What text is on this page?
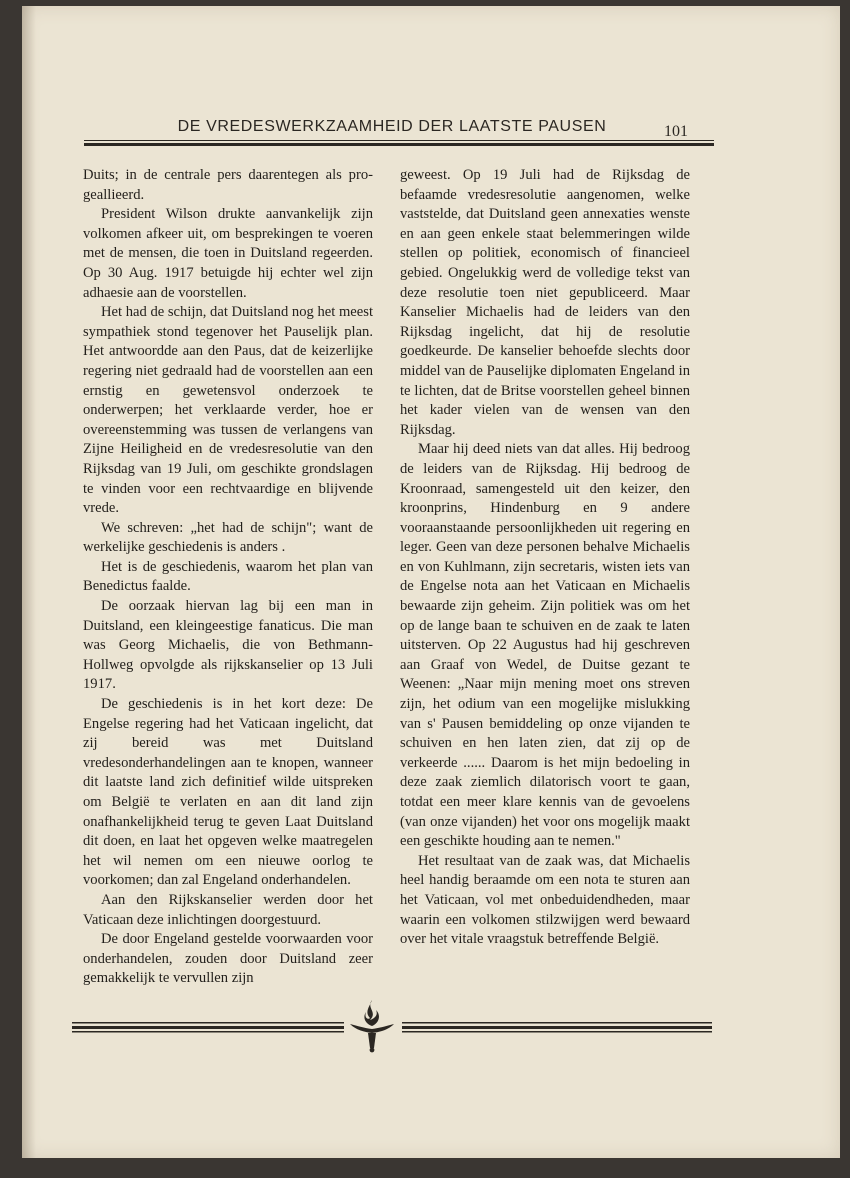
DE VREDESWERKZAAMHEID DER LAATSTE PAUSEN	101

Duits; in de centrale pers daarentegen als pro-geallieerd.

President Wilson drukte aanvankelijk zijn volkomen afkeer uit, om besprekingen te voeren met de mensen, die toen in Duitsland regeerden. Op 30 Aug. 1917 betuigde hij echter wel zijn adhaesie aan de voorstellen.

Het had de schijn, dat Duitsland nog het meest sympathiek stond tegenover het Pauselijk plan. Het antwoordde aan den Paus, dat de keizerlijke regering niet gedraald had de voorstellen aan een ernstig en gewetensvol onderzoek te onderwerpen; het verklaarde verder, hoe er overeenstemming was tussen de verlangens van Zijne Heiligheid en de vredesresolutie van den Rijksdag van 19 Juli, om geschikte grondslagen te vinden voor een rechtvaardige en blijvende vrede.

We schreven: „het had de schijn"; want de werkelijke geschiedenis is anders .

Het is de geschiedenis, waarom het plan van Benedictus faalde.

De oorzaak hiervan lag bij een man in Duitsland, een kleingeestige fanaticus. Die man was Georg Michaelis, die von Bethmann-Hollweg opvolgde als rijkskanselier op 13 Juli 1917.

De geschiedenis is in het kort deze: De Engelse regering had het Vaticaan ingelicht, dat zij bereid was met Duitsland vredesonderhandelingen aan te knopen, wanneer dit laatste land zich definitief wilde uitspreken om België te verlaten en aan dit land zijn onafhankelijkheid terug te geven Laat Duitsland dit doen, en laat het opgeven welke maatregelen het wil nemen om een nieuwe oorlog te voorkomen; dan zal Engeland onderhandelen.

Aan den Rijkskanselier werden door het Vaticaan deze inlichtingen doorgestuurd.

De door Engeland gestelde voorwaarden voor onderhandelen, zouden door Duitsland zeer gemakkelijk te vervullen zijn

geweest. Op 19 Juli had de Rijksdag de befaamde vredesresolutie aangenomen, welke vaststelde, dat Duitsland geen annexaties wenste en aan geen enkele staat belemmeringen wilde stellen op politiek, economisch of financieel gebied. Ongelukkig werd de volledige tekst van deze resolutie toen niet gepubliceerd. Maar Kanselier Michaelis had de leiders van den Rijksdag ingelicht, dat hij de resolutie goedkeurde. De kanselier behoefde slechts door middel van de Pauselijke diplomaten Engeland in te lichten, dat de Britse voorstellen geheel binnen het kader vielen van de wensen van den Rijksdag.

Maar hij deed niets van dat alles. Hij bedroog de leiders van de Rijksdag. Hij bedroog de Kroonraad, samengesteld uit den keizer, den kroonprins, Hindenburg en 9 andere vooraanstaande persoonlijkheden uit regering en leger. Geen van deze personen behalve Michaelis en von Kuhlmann, zijn secretaris, wisten iets van de Engelse nota aan het Vaticaan en Michaelis bewaarde zijn geheim. Zijn politiek was om het op de lange baan te schuiven en de zaak te laten uitsterven. Op 22 Augustus had hij geschreven aan Graaf von Wedel, de Duitse gezant te Weenen: „Naar mijn mening moet ons streven zijn, het odium van een mogelijke mislukking van s' Pausen bemiddeling op onze vijanden te schuiven en hen laten zien, dat zij op de verkeerde ...... Daarom is het mijn bedoeling in deze zaak ziemlich dilatorisch voort te gaan, totdat een meer klare kennis van de gevoelens (van onze vijanden) het voor ons mogelijk maakt een geschikte houding aan te nemen."

Het resultaat van de zaak was, dat Michaelis heel handig beraamde om een nota te sturen aan het Vaticaan, vol met onbeduidendheden, maar waarin een volkomen stilzwijgen werd bewaard over het vitale vraagstuk betreffende België.
